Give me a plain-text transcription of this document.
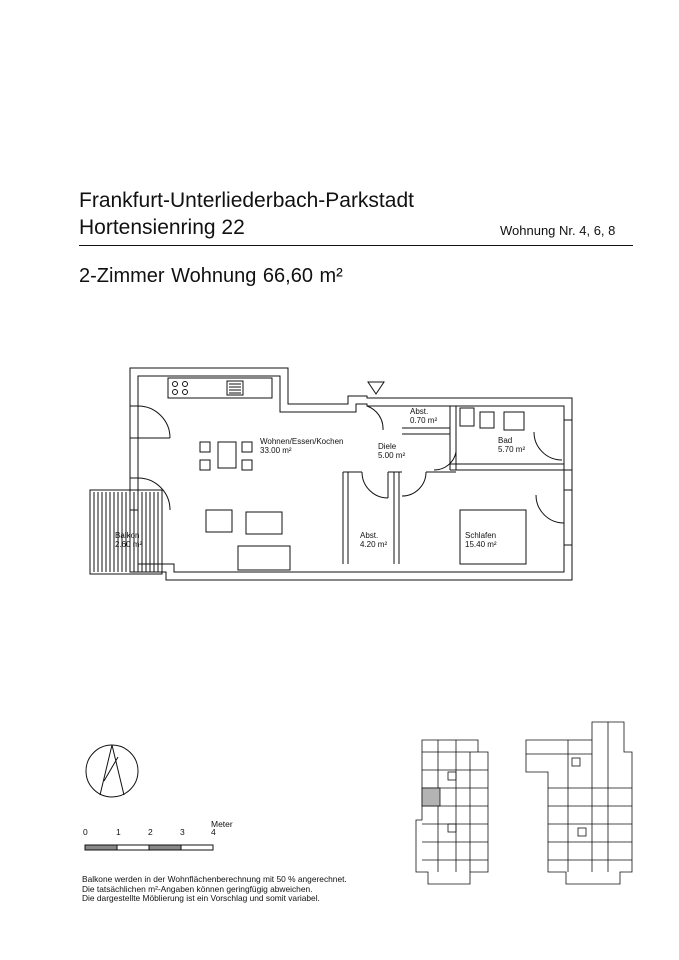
Frankfurt-Unterliederbach-Parkstadt
Hortensienring 22	Wohnung Nr. 4, 6, 8
2-Zimmer Wohnung 66,60 m²
Wohnen/Essen/Kochen
33.00 m²
Abst.
0.70 m²
Diele
5.00 m²
Bad
5.70 m²
Balkon
2.60 m²
Abst.
4.20 m²
Schlafen
15.40 m²
Meter
0	1	2	3	4
Balkone werden in der Wohnflächenberechnung mit 50 % angerechnet.
Die tatsächlichen m²-Angaben können geringfügig abweichen.
Die dargestellte Möblierung ist ein Vorschlag und somit variabel.
